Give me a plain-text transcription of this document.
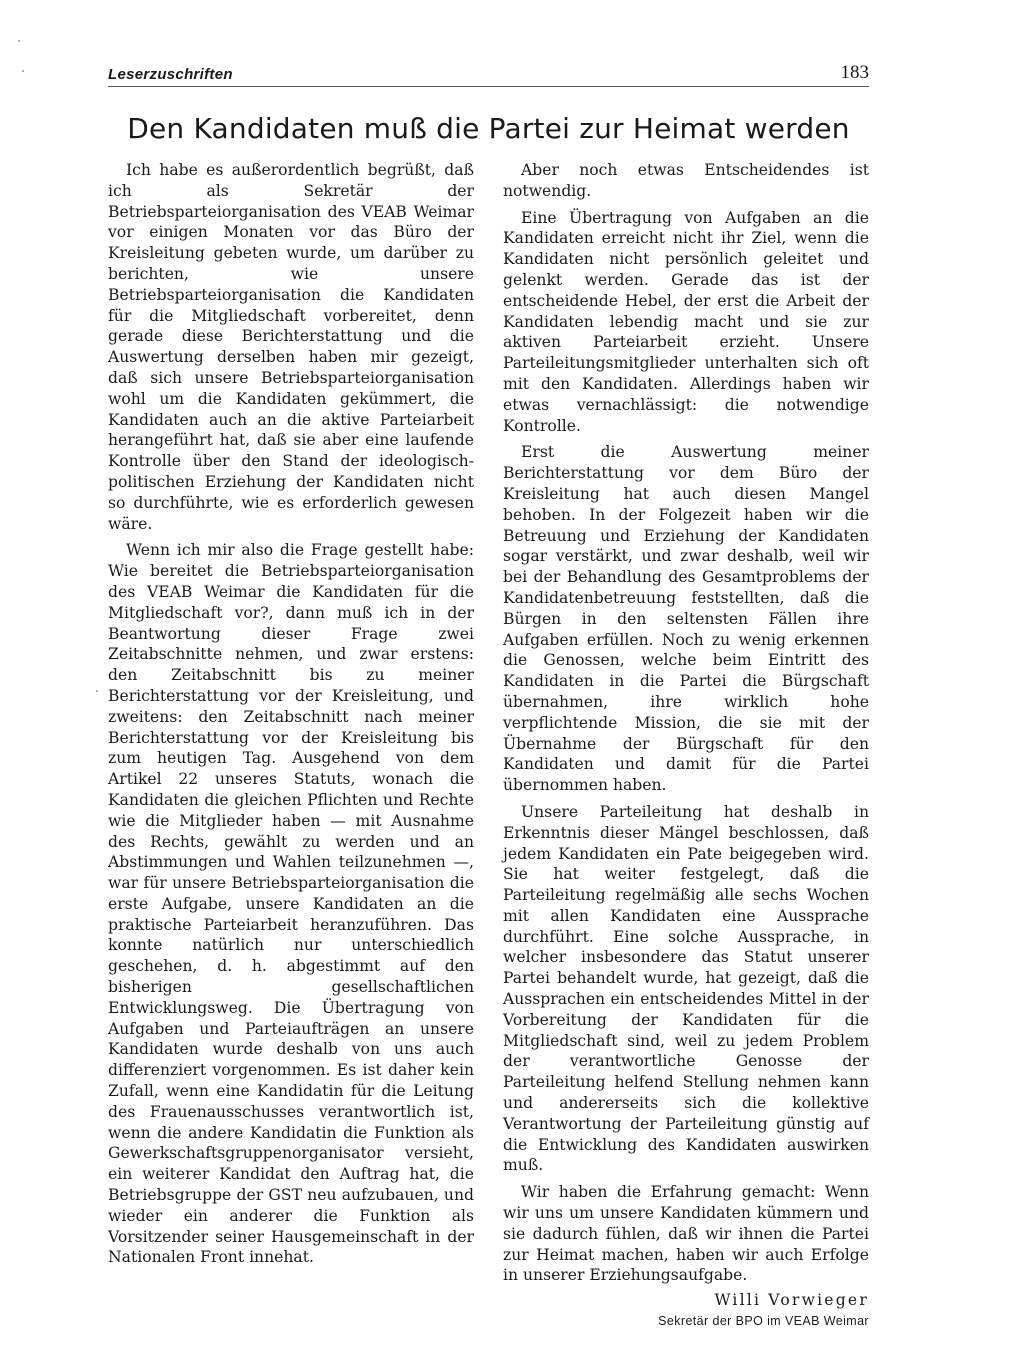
Leserzuschriften	183
Den Kandidaten muß die Partei zur Heimat werden

Ich habe es außerordentlich begrüßt, daß ich als Sekretär der Betriebsparteiorganisation des VEAB Weimar vor einigen Monaten vor das Büro der Kreisleitung gebeten wurde, um darüber zu berichten, wie unsere Betriebsparteiorganisation die Kandidaten für die Mitgliedschaft vorbereitet, denn gerade diese Berichterstattung und die Auswertung derselben haben mir gezeigt, daß sich unsere Betriebsparteiorganisation wohl um die Kandidaten gekümmert, die Kandidaten auch an die aktive Parteiarbeit herangeführt hat, daß sie aber eine laufende Kontrolle über den Stand der ideologisch-politischen Erziehung der Kandidaten nicht so durchführte, wie es erforderlich gewesen wäre.

Wenn ich mir also die Frage gestellt habe: Wie bereitet die Betriebsparteiorganisation des VEAB Weimar die Kandidaten für die Mitgliedschaft vor?, dann muß ich in der Beantwortung dieser Frage zwei Zeitabschnitte nehmen, und zwar erstens: den Zeitabschnitt bis zu meiner Berichterstattung vor der Kreisleitung, und zweitens: den Zeitabschnitt nach meiner Berichterstattung vor der Kreisleitung bis zum heutigen Tag. Ausgehend von dem Artikel 22 unseres Statuts, wonach die Kandidaten die gleichen Pflichten und Rechte wie die Mitglieder haben — mit Ausnahme des Rechts, gewählt zu werden und an Abstimmungen und Wahlen teilzunehmen —, war für unsere Betriebsparteiorganisation die erste Aufgabe, unsere Kandidaten an die praktische Parteiarbeit heranzuführen. Das konnte natürlich nur unterschiedlich geschehen, d. h. abgestimmt auf den bisherigen gesellschaftlichen Entwicklungsweg. Die Übertragung von Aufgaben und Parteiaufträgen an unsere Kandidaten wurde deshalb von uns auch differenziert vorgenommen. Es ist daher kein Zufall, wenn eine Kandidatin für die Leitung des Frauenausschusses verantwortlich ist, wenn die andere Kandidatin die Funktion als Gewerkschaftsgruppenorganisator versieht, ein weiterer Kandidat den Auftrag hat, die Betriebsgruppe der GST neu aufzubauen, und wieder ein anderer die Funktion als Vorsitzender seiner Hausgemeinschaft in der Nationalen Front innehat.

Aber noch etwas Entscheidendes ist notwendig.

Eine Übertragung von Aufgaben an die Kandidaten erreicht nicht ihr Ziel, wenn die Kandidaten nicht persönlich geleitet und gelenkt werden. Gerade das ist der entscheidende Hebel, der erst die Arbeit der Kandidaten lebendig macht und sie zur aktiven Parteiarbeit erzieht. Unsere Parteileitungsmitglieder unterhalten sich oft mit den Kandidaten. Allerdings haben wir etwas vernachlässigt: die notwendige Kontrolle.

Erst die Auswertung meiner Berichterstattung vor dem Büro der Kreisleitung hat auch diesen Mangel behoben. In der Folgezeit haben wir die Betreuung und Erziehung der Kandidaten sogar verstärkt, und zwar deshalb, weil wir bei der Behandlung des Gesamtproblems der Kandidatenbetreuung feststellten, daß die Bürgen in den seltensten Fällen ihre Aufgaben erfüllen. Noch zu wenig erkennen die Genossen, welche beim Eintritt des Kandidaten in die Partei die Bürgschaft übernahmen, ihre wirklich hohe verpflichtende Mission, die sie mit der Übernahme der Bürgschaft für den Kandidaten und damit für die Partei übernommen haben.

Unsere Parteileitung hat deshalb in Erkenntnis dieser Mängel beschlossen, daß jedem Kandidaten ein Pate beigegeben wird. Sie hat weiter festgelegt, daß die Parteileitung regelmäßig alle sechs Wochen mit allen Kandidaten eine Aussprache durchführt. Eine solche Aussprache, in welcher insbesondere das Statut unserer Partei behandelt wurde, hat gezeigt, daß die Aussprachen ein entscheidendes Mittel in der Vorbereitung der Kandidaten für die Mitgliedschaft sind, weil zu jedem Problem der verantwortliche Genosse der Parteileitung helfend Stellung nehmen kann und andererseits sich die kollektive Verantwortung der Parteileitung günstig auf die Entwicklung des Kandidaten auswirken muß.

Wir haben die Erfahrung gemacht: Wenn wir uns um unsere Kandidaten kümmern und sie dadurch fühlen, daß wir ihnen die Partei zur Heimat machen, haben wir auch Erfolge in unserer Erziehungsaufgabe.

Willi Vorwieger
Sekretär der BPO im VEAB Weimar
